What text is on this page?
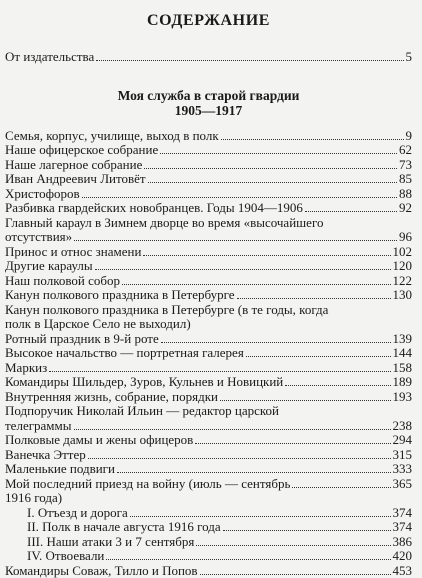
СОДЕРЖАНИЕ
От издательства	5
Моя служба в старой гвардии
1905—1917
Семья, корпус, училище, выход в полк	9
Наше офицерское собрание	62
Наше лагерное собрание	73
Иван Андреевич Литовёт	85
Христофоров	88
Разбивка гвардейских новобранцев. Годы 1904—1906	92
Главный караул в Зимнем дворце во время «высочайшего
отсутствия»	96
Принос и относ знамени	102
Другие караулы	120
Наш полковой собор	122
Канун полкового праздника в Петербурге	130
Канун полкового праздника в Петербурге (в те годы, когда
полк в Царское Село не выходил)
Ротный праздник в 9-й роте	139
Высокое начальство — портретная галерея	144
Маркиз	158
Командиры Шильдер, Зуров, Кульнев и Новицкий	189
Внутренняя жизнь, собрание, порядки	193
Подпоручик Николай Ильин — редактор царской
телеграммы	238
Полковые дамы и жены офицеров	294
Ванечка Эттер	315
Маленькие подвиги	333
Мой последний приезд на войну (июль — сентябрь	365
1916 года)
I. Отъезд и дорога	374
II. Полк в начале августа 1916 года	374
III. Наши атаки 3 и 7 сентября	386
IV. Отвоевали	420
Командиры Соваж, Тилло и Попов	453
